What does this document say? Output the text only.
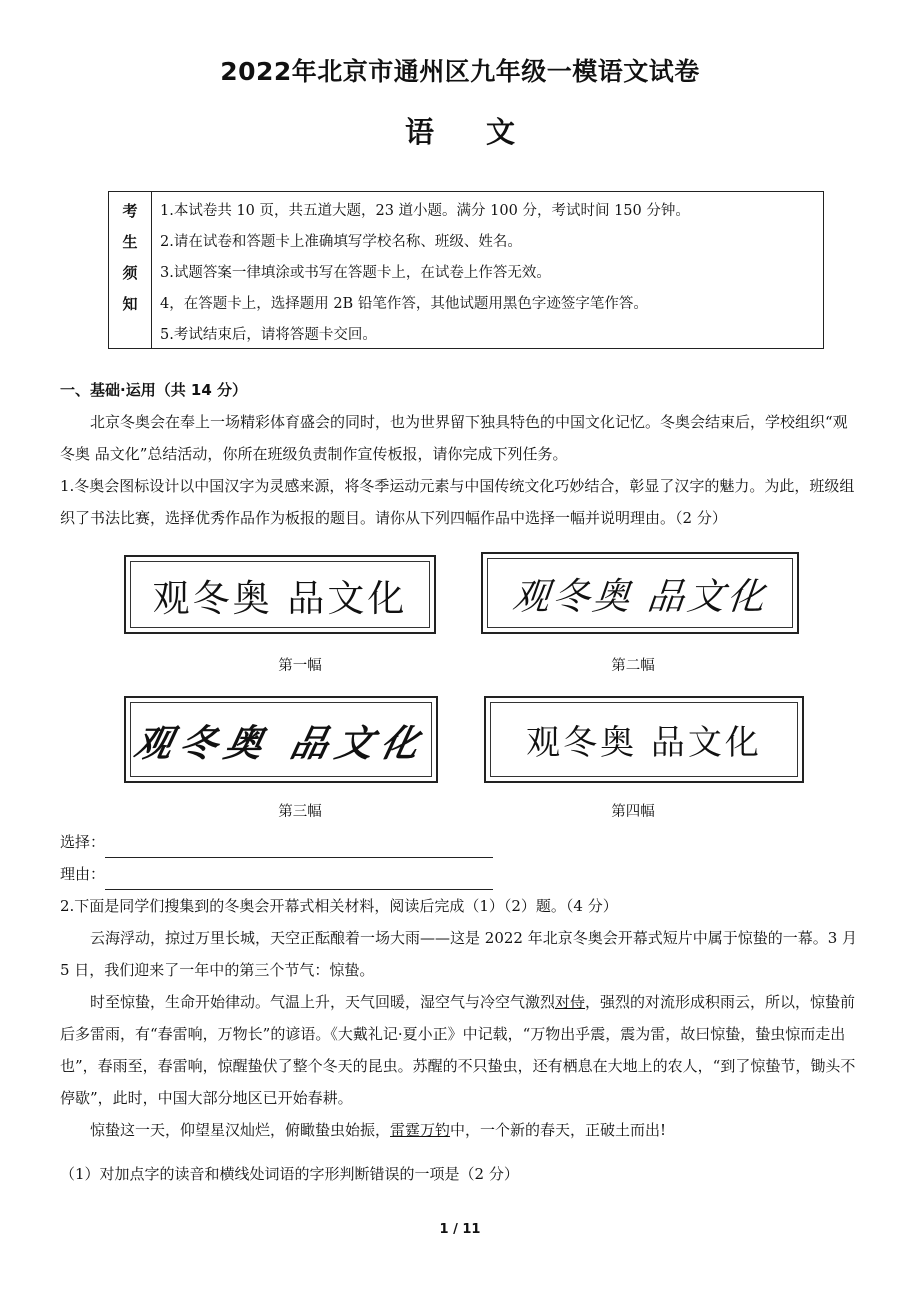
2022年北京市通州区九年级一模语文试卷
语文
考
生
须
知
1.本试卷共 10 页，共五道大题，23 道小题。满分 100 分，考试时间 150 分钟。
2.请在试卷和答题卡上准确填写学校名称、班级、姓名。
3.试题答案一律填涂或书写在答题卡上，在试卷上作答无效。
4，在答题卡上，选择题用 2B 铅笔作答，其他试题用黑色字迹签字笔作答。
5.考试结束后，请将答题卡交回。
一、基础·运用（共 14 分）
北京冬奥会在奉上一场精彩体育盛会的同时，也为世界留下独具特色的中国文化记忆。冬奥会结束后，学校组织“观冬奥 品文化”总结活动，你所在班级负责制作宣传板报，请你完成下列任务。
1.冬奥会图标设计以中国汉字为灵感来源，将冬季运动元素与中国传统文化巧妙结合，彰显了汉字的魅力。为此，班级组织了书法比赛，选择优秀作品作为板报的题目。请你从下列四幅作品中选择一幅并说明理由。（2 分）
观冬奥 品文化
第一幅
观冬奥 品文化
第二幅
观冬奥 品文化
第三幅
观冬奥 品文化
第四幅
选择：
理由：
2.下面是同学们搜集到的冬奥会开幕式相关材料，阅读后完成（1）（2）题。（4 分）
云海浮动，掠过万里长城，天空正酝酿着一场大雨——这是 2022 年北京冬奥会开幕式短片中属于惊蛰的一幕。3 月 5 日，我们迎来了一年中的第三个节气：惊蛰。
时至惊蛰，生命开始律动。气温上升，天气回暖，湿空气与冷空气激烈对侍，强烈的对流形成积雨云，所以，惊蛰前后多雷雨，有“春雷响，万物长”的谚语。《大戴礼记·夏小正》中记载，“万物出乎震，震为雷，故曰惊蛰，蛰虫惊而走出也”，春雨至，春雷响，惊醒蛰伏了整个冬天的昆虫。苏醒的不只蛰虫，还有栖息在大地上的农人，“到了惊蛰节，锄头不停歇”，此时，中国大部分地区已开始春耕。
惊蛰这一天，仰望星汉灿烂，俯瞰蛰虫始振，雷霆万钓中，一个新的春天，正破土而出!
（1）对加点字的读音和横线处词语的字形判断错误的一项是（2 分）
1 / 11
